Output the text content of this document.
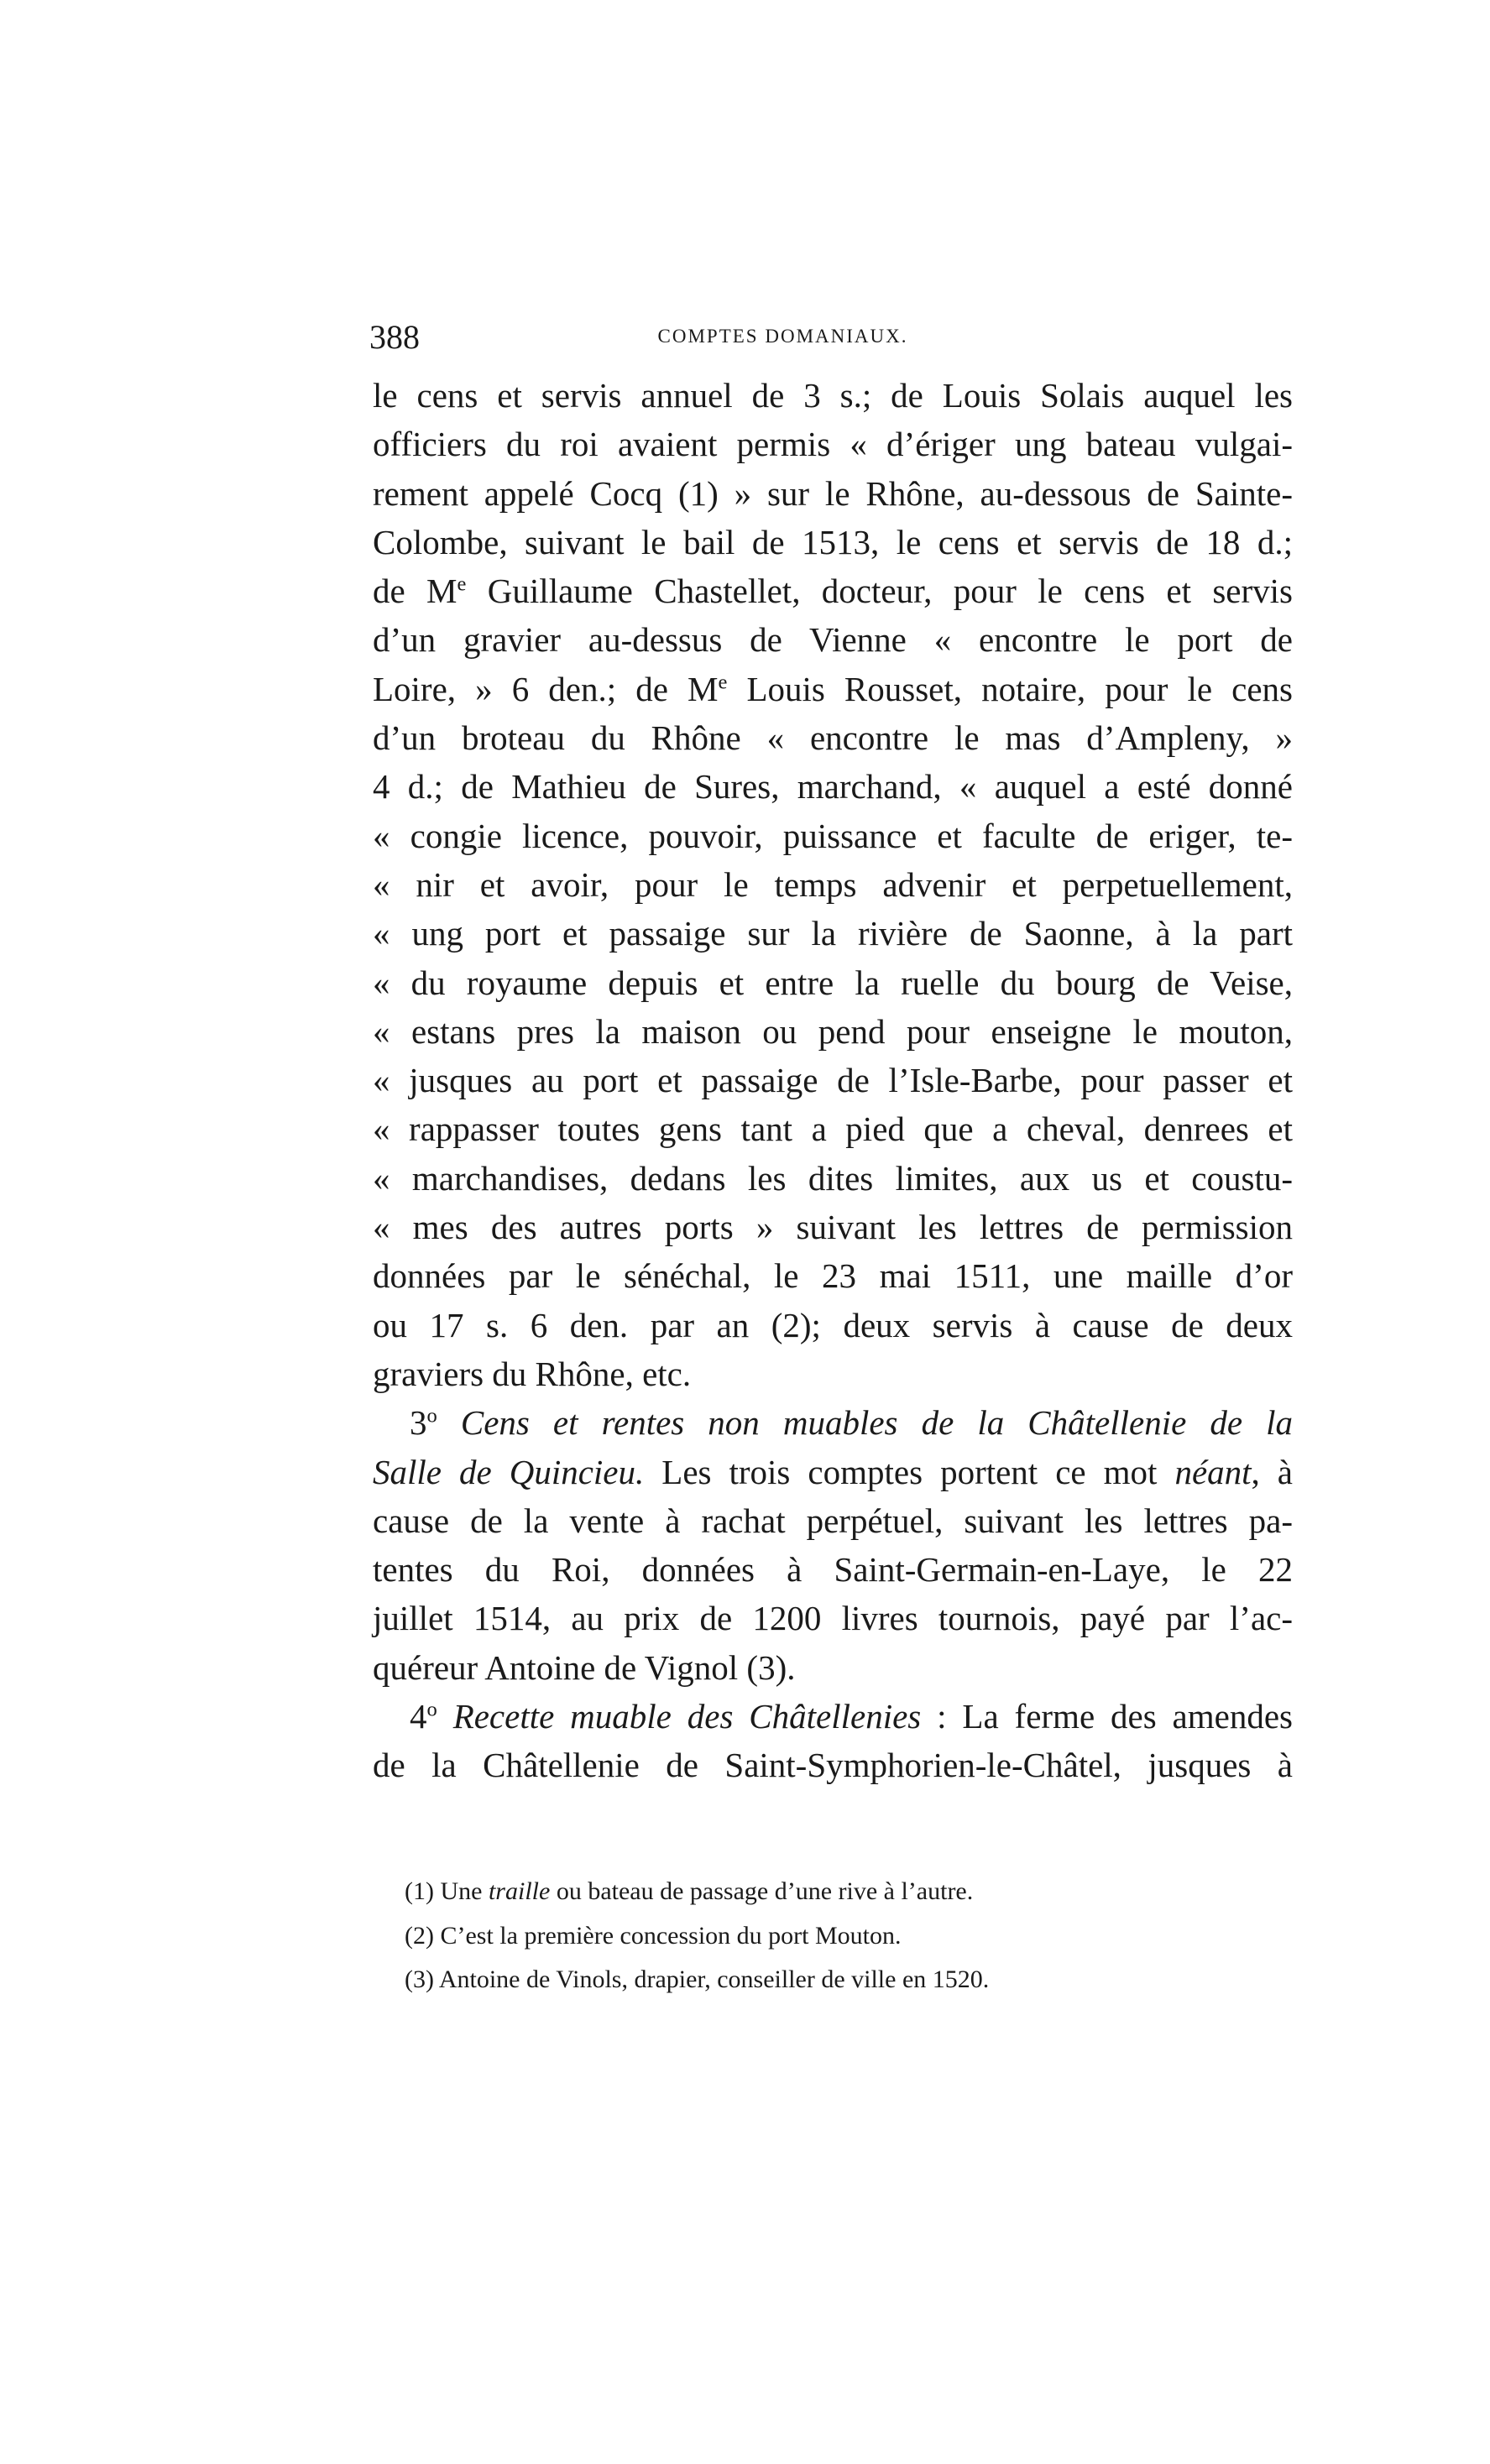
388	COMPTES DOMANIAUX.
le cens et servis annuel de 3 s.; de Louis Solais auquel les
officiers du roi avaient permis « d’ériger ung bateau vulgai-
rement appelé Cocq (1) » sur le Rhône, au-dessous de Sainte-
Colombe, suivant le bail de 1513, le cens et servis de 18 d.;
de Me Guillaume Chastellet, docteur, pour le cens et servis
d’un gravier au-dessus de Vienne « encontre le port de
Loire, » 6 den.; de Me Louis Rousset, notaire, pour le cens
d’un broteau du Rhône « encontre le mas d’Ampleny, »
4 d.; de Mathieu de Sures, marchand, « auquel a esté donné
« congie licence, pouvoir, puissance et faculte de eriger, te-
« nir et avoir, pour le temps advenir et perpetuellement,
« ung port et passaige sur la rivière de Saonne, à la part
« du royaume depuis et entre la ruelle du bourg de Veise,
« estans pres la maison ou pend pour enseigne le mouton,
« jusques au port et passaige de l’Isle-Barbe, pour passer et
« rappasser toutes gens tant a pied que a cheval, denrees et
« marchandises, dedans les dites limites, aux us et coustu-
« mes des autres ports » suivant les lettres de permission
données par le sénéchal, le 23 mai 1511, une maille d’or
ou 17 s. 6 den. par an (2); deux servis à cause de deux
graviers du Rhône, etc.
3$^o$ Cens et rentes non muables de la Châtellenie de la
Salle de Quincieu. Les trois comptes portent ce mot néant, à
cause de la vente à rachat perpétuel, suivant les lettres pa-
tentes du Roi, données à Saint-Germain-en-Laye, le 22
juillet 1514, au prix de 1200 livres tournois, payé par l’ac-
quéreur Antoine de Vignol (3).
4$^o$ Recette muable des Châtellenies : La ferme des amendes
de la Châtellenie de Saint-Symphorien-le-Châtel, jusques à
(1) Une traille ou bateau de passage d’une rive à l’autre.
(2) C’est la première concession du port Mouton.
(3) Antoine de Vinols, drapier, conseiller de ville en 1520.
